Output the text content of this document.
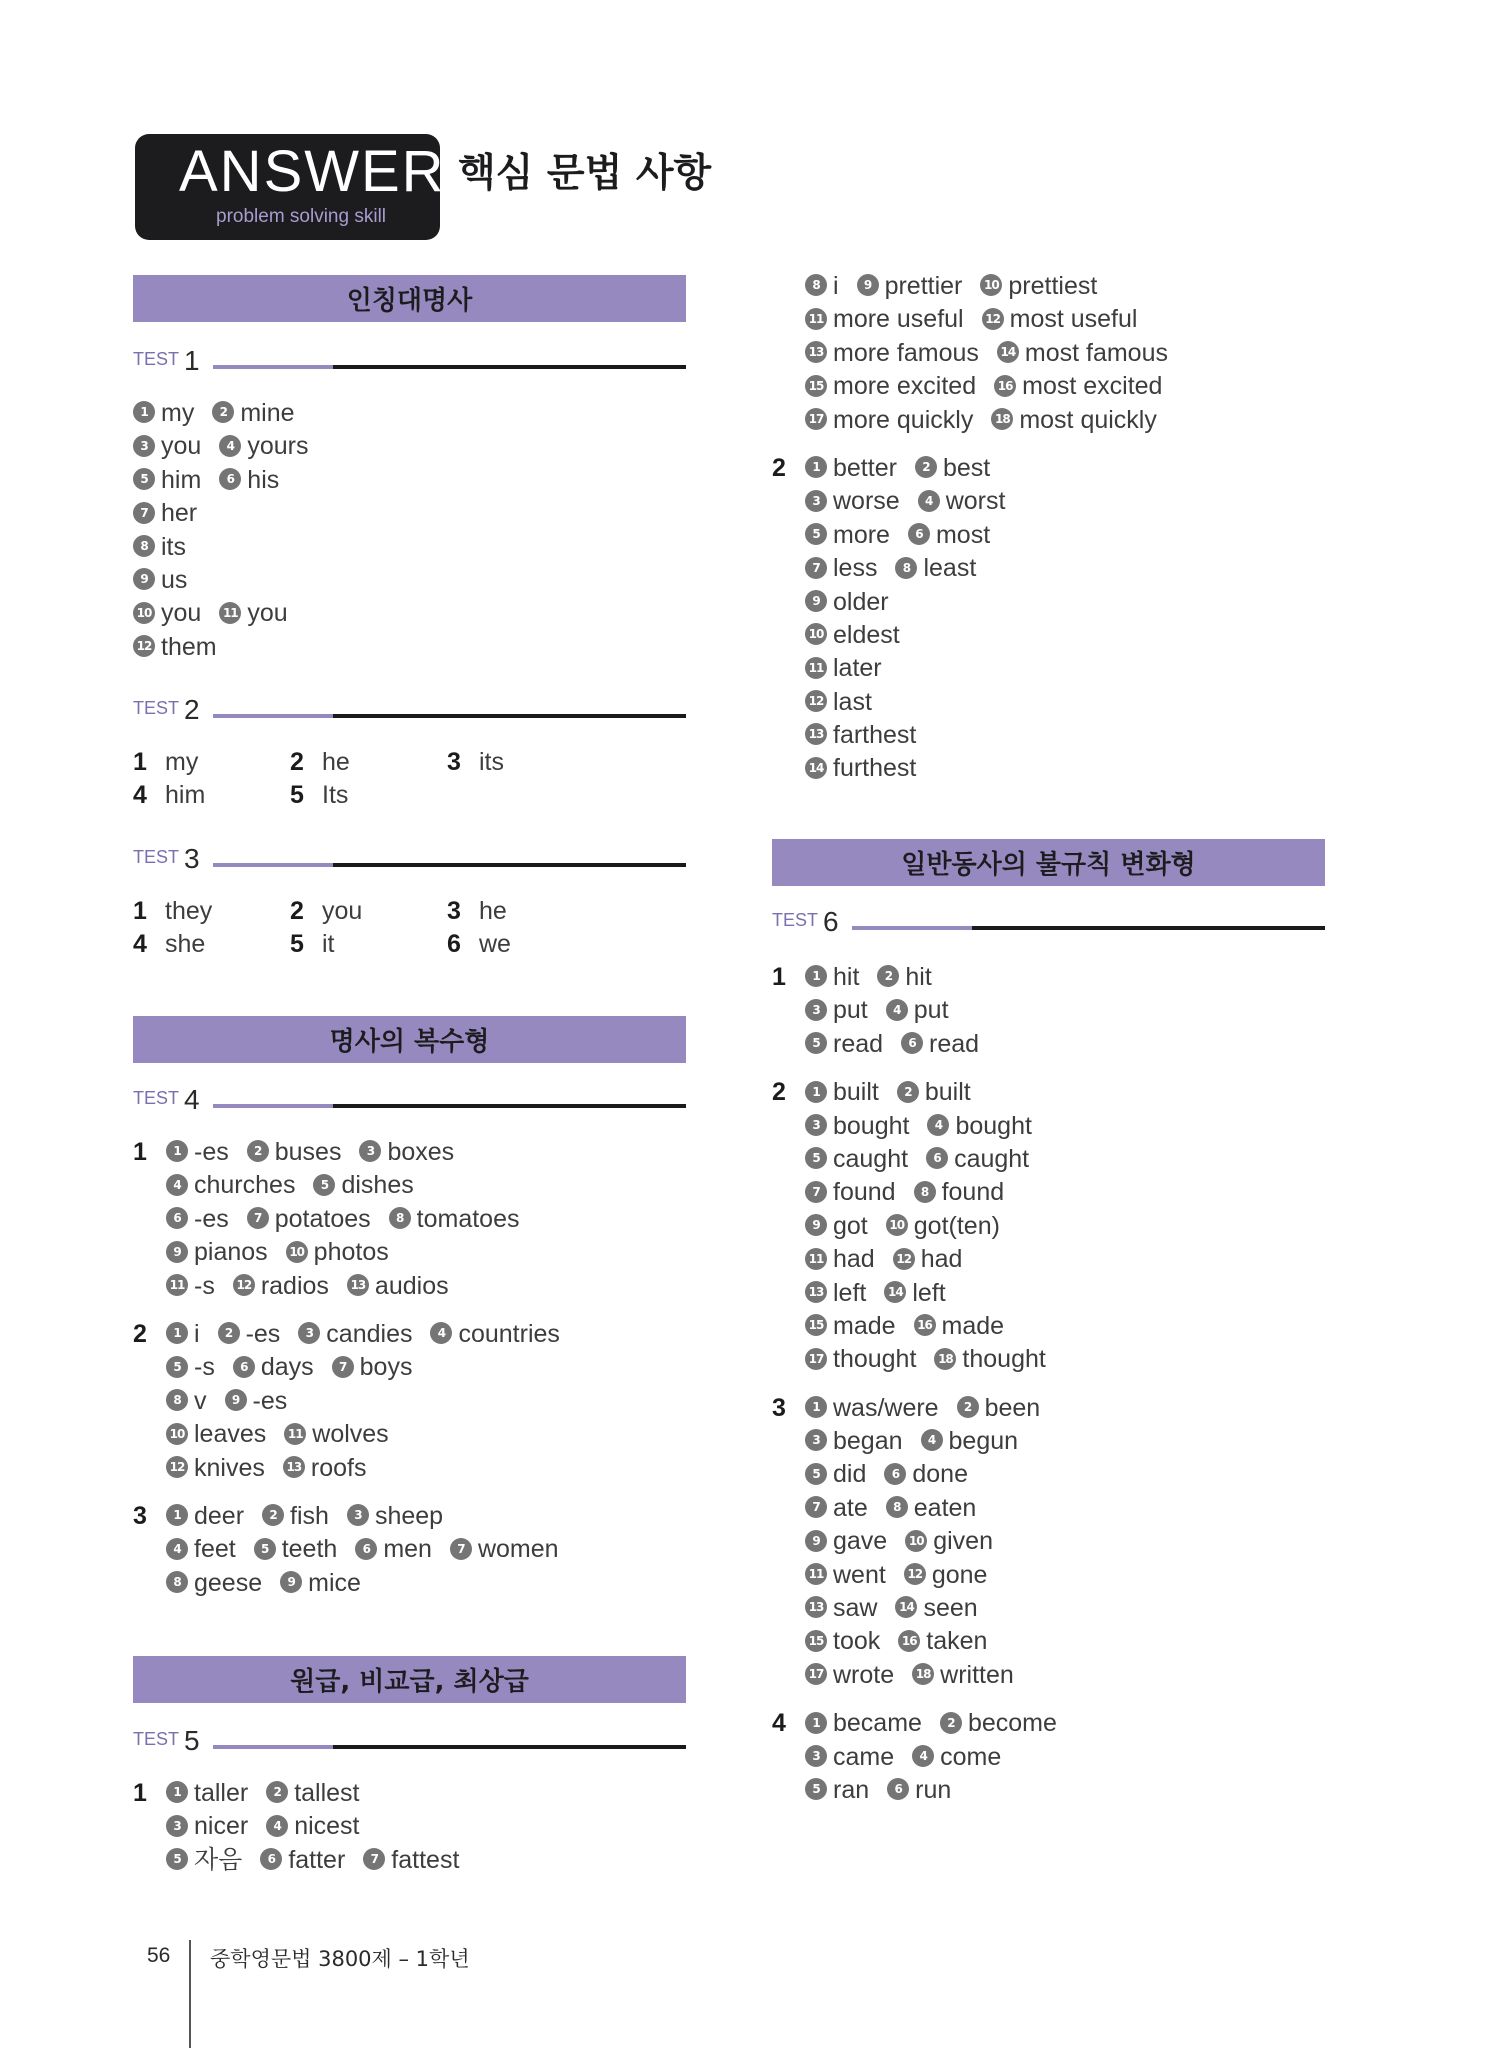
ANSWER
problem solving skill
핵심 문법 사항
인칭대명사
TEST 1
1 my 2 mine
3 you 4 yours
5 him 6 his
7 her
8 its
9 us
10 you 11 you
12 them
TEST 2
1 my	2 he	3 its
4 him	5 Its
TEST 3
1 they	2 you	3 he
4 she	5 it	6 we
명사의 복수형
TEST 4
1 1 -es 2 buses 3 boxes
4 churches 5 dishes
6 -es 7 potatoes 8 tomatoes
9 pianos 10 photos
11 -s 12 radios 13 audios
2 1 i 2 -es 3 candies 4 countries
5 -s 6 days 7 boys
8 v 9 -es
10 leaves 11 wolves
12 knives 13 roofs
3 1 deer 2 fish 3 sheep
4 feet 5 teeth 6 men 7 women
8 geese 9 mice
원급, 비교급, 최상급
TEST 5
1 1 taller 2 tallest
3 nicer 4 nicest
5 자음 6 fatter 7 fattest
8 i 9 prettier 10 prettiest
11 more useful 12 most useful
13 more famous 14 most famous
15 more excited 16 most excited
17 more quickly 18 most quickly
2 1 better 2 best
3 worse 4 worst
5 more 6 most
7 less 8 least
9 older
10 eldest
11 later
12 last
13 farthest
14 furthest
일반동사의 불규칙 변화형
TEST 6
1 1 hit 2 hit
3 put 4 put
5 read 6 read
2 1 built 2 built
3 bought 4 bought
5 caught 6 caught
7 found 8 found
9 got 10 got(ten)
11 had 12 had
13 left 14 left
15 made 16 made
17 thought 18 thought
3 1 was/were 2 been
3 began 4 begun
5 did 6 done
7 ate 8 eaten
9 gave 10 given
11 went 12 gone
13 saw 14 seen
15 took 16 taken
17 wrote 18 written
4 1 became 2 become
3 came 4 come
5 ran 6 run
56 중학영문법 3800제 – 1학년
